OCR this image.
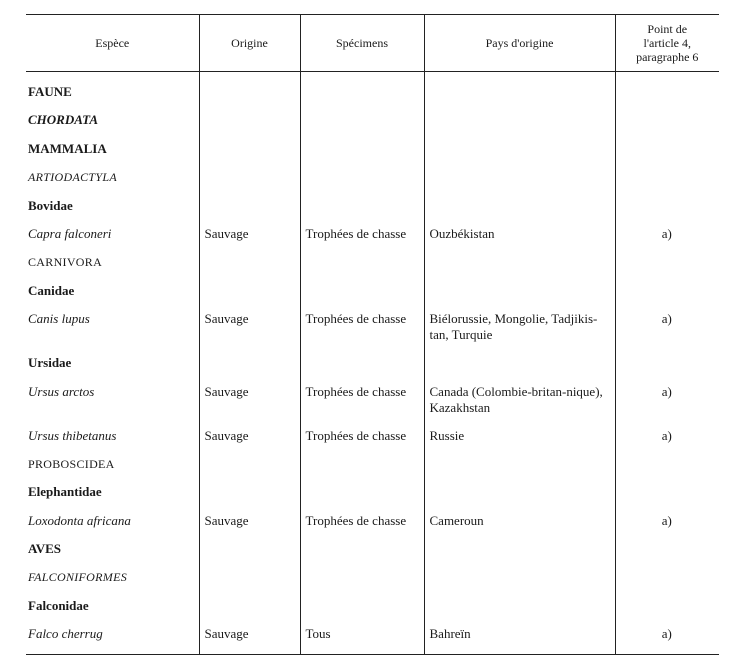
Espèce	Origine	Spécimens	Pays d'origine	Point de
l'article 4,
paragraphe 6

FAUNE				
CHORDATA				
MAMMALIA				
ARTIODACTYLA				
Bovidae				
Capra falconeri	Sauvage	Trophées de chasse	Ouzbékistan	a)
CARNIVORA				
Canidae				
Canis lupus	Sauvage	Trophées de chasse	Biélorussie, Mongolie, Tadjikis-tan, Turquie	a)
Ursidae				
Ursus arctos	Sauvage	Trophées de chasse	Canada (Colombie-britan-nique), Kazakhstan	a)
Ursus thibetanus	Sauvage	Trophées de chasse	Russie	a)
PROBOSCIDEA				
Elephantidae				
Loxodonta africana	Sauvage	Trophées de chasse	Cameroun	a)
AVES				
FALCONIFORMES				
Falconidae				
Falco cherrug	Sauvage	Tous	Bahreïn	a)
